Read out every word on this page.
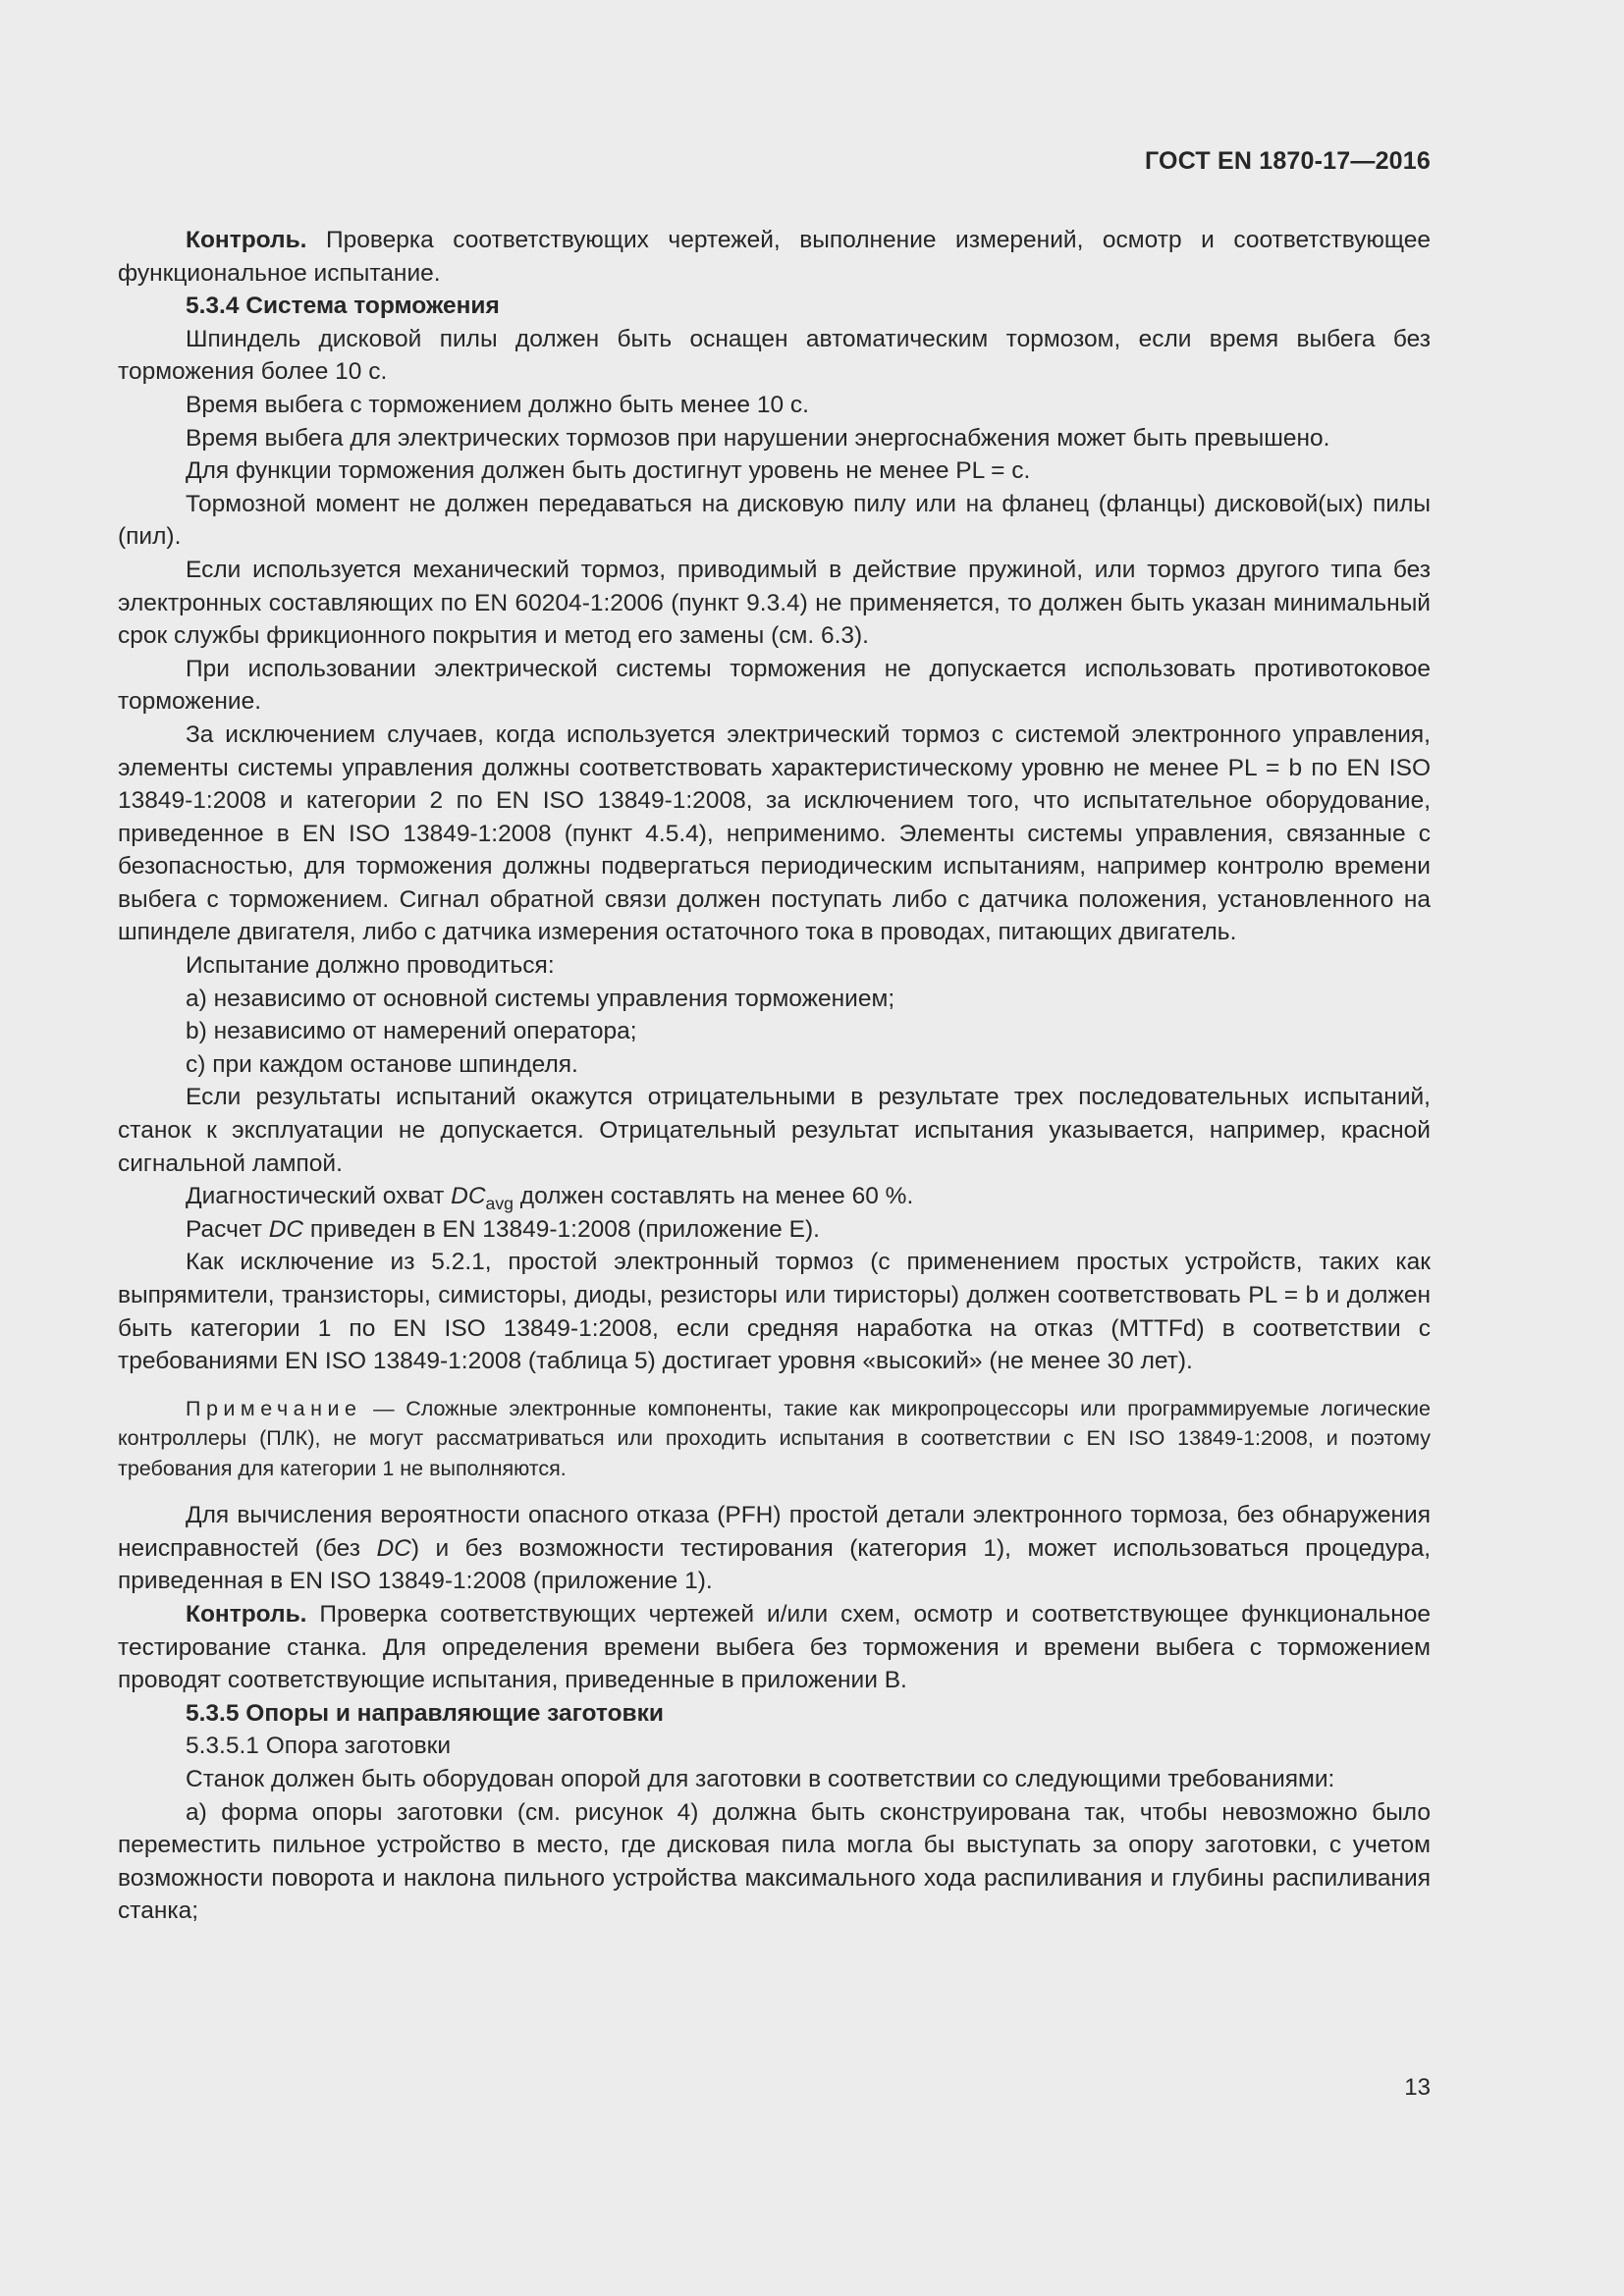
ГОСТ EN 1870-17—2016

Контроль. Проверка соответствующих чертежей, выполнение измерений, осмотр и соответствующее функциональное испытание.

5.3.4 Система торможения

Шпиндель дисковой пилы должен быть оснащен автоматическим тормозом, если время выбега без торможения более 10 с.

Время выбега с торможением должно быть менее 10 с.

Время выбега для электрических тормозов при нарушении энергоснабжения может быть превышено.

Для функции торможения должен быть достигнут уровень не менее PL = c.

Тормозной момент не должен передаваться на дисковую пилу или на фланец (фланцы) дисковой(ых) пилы (пил).

Если используется механический тормоз, приводимый в действие пружиной, или тормоз другого типа без электронных составляющих по EN 60204-1:2006 (пункт 9.3.4) не применяется, то должен быть указан минимальный срок службы фрикционного покрытия и метод его замены (см. 6.3).

При использовании электрической системы торможения не допускается использовать противотоковое торможение.

За исключением случаев, когда используется электрический тормоз с системой электронного управления, элементы системы управления должны соответствовать характеристическому уровню не менее PL = b по EN ISO 13849-1:2008 и категории 2 по EN ISO 13849-1:2008, за исключением того, что испытательное оборудование, приведенное в EN ISO 13849-1:2008 (пункт 4.5.4), неприменимо. Элементы системы управления, связанные с безопасностью, для торможения должны подвергаться периодическим испытаниям, например контролю времени выбега с торможением. Сигнал обратной связи должен поступать либо с датчика положения, установленного на шпинделе двигателя, либо с датчика измерения остаточного тока в проводах, питающих двигатель.

Испытание должно проводиться:

a) независимо от основной системы управления торможением;

b) независимо от намерений оператора;

c) при каждом останове шпинделя.

Если результаты испытаний окажутся отрицательными в результате трех последовательных испытаний, станок к эксплуатации не допускается. Отрицательный результат испытания указывается, например, красной сигнальной лампой.

Диагностический охват $DC_{avg}$ должен составлять на менее 60 %.

Расчет DC приведен в EN 13849-1:2008 (приложение E).

Как исключение из 5.2.1, простой электронный тормоз (с применением простых устройств, таких как выпрямители, транзисторы, симисторы, диоды, резисторы или тиристоры) должен соответствовать PL = b и должен быть категории 1 по EN ISO 13849-1:2008, если средняя наработка на отказ (MTTFd) в соответствии с требованиями EN ISO 13849-1:2008 (таблица 5) достигает уровня «высокий» (не менее 30 лет).

Примечание — Сложные электронные компоненты, такие как микропроцессоры или программируемые логические контроллеры (ПЛК), не могут рассматриваться или проходить испытания в соответствии с EN ISO 13849-1:2008, и поэтому требования для категории 1 не выполняются.

Для вычисления вероятности опасного отказа (PFH) простой детали электронного тормоза, без обнаружения неисправностей (без DC) и без возможности тестирования (категория 1), может использоваться процедура, приведенная в EN ISO 13849-1:2008 (приложение 1).

Контроль. Проверка соответствующих чертежей и/или схем, осмотр и соответствующее функциональное тестирование станка. Для определения времени выбега без торможения и времени выбега с торможением проводят соответствующие испытания, приведенные в приложении B.

5.3.5 Опоры и направляющие заготовки

5.3.5.1 Опора заготовки

Станок должен быть оборудован опорой для заготовки в соответствии со следующими требованиями:

a) форма опоры заготовки (см. рисунок 4) должна быть сконструирована так, чтобы невозможно было переместить пильное устройство в место, где дисковая пила могла бы выступать за опору заготовки, с учетом возможности поворота и наклона пильного устройства максимального хода распиливания и глубины распиливания станка;

13
